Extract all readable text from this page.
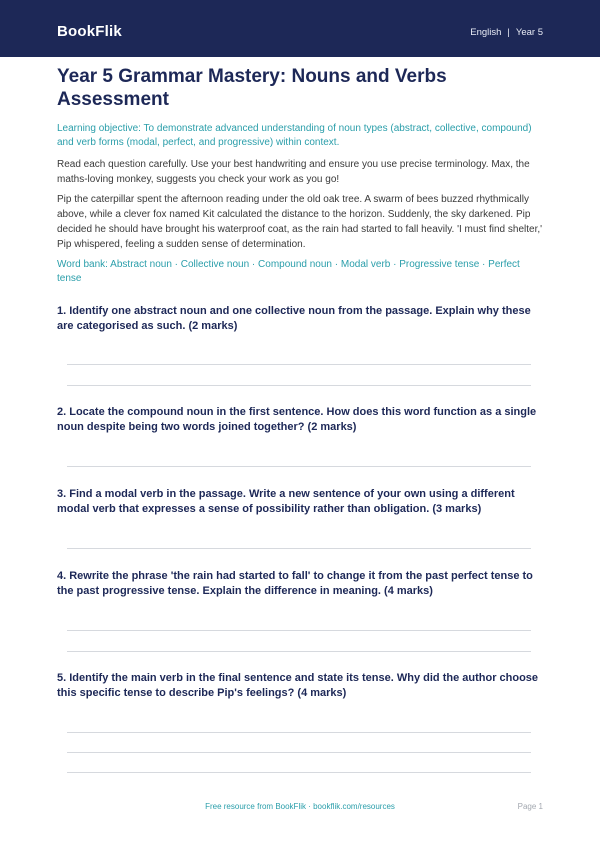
BookFlik	English | Year 5
Year 5 Grammar Mastery: Nouns and Verbs Assessment

Learning objective: To demonstrate advanced understanding of noun types (abstract, collective, compound) and verb forms (modal, perfect, and progressive) within context.

Read each question carefully. Use your best handwriting and ensure you use precise terminology. Max, the maths-loving monkey, suggests you check your work as you go!

Pip the caterpillar spent the afternoon reading under the old oak tree. A swarm of bees buzzed rhythmically above, while a clever fox named Kit calculated the distance to the horizon. Suddenly, the sky darkened. Pip decided he should have brought his waterproof coat, as the rain had started to fall heavily. 'I must find shelter,' Pip whispered, feeling a sudden sense of determination.

Word bank: Abstract noun · Collective noun · Compound noun · Modal verb · Progressive tense · Perfect tense

1. Identify one abstract noun and one collective noun from the passage. Explain why these are categorised as such. (2 marks)

2. Locate the compound noun in the first sentence. How does this word function as a single noun despite being two words joined together? (2 marks)

3. Find a modal verb in the passage. Write a new sentence of your own using a different modal verb that expresses a sense of possibility rather than obligation. (3 marks)

4. Rewrite the phrase 'the rain had started to fall' to change it from the past perfect tense to the past progressive tense. Explain the difference in meaning. (4 marks)

5. Identify the main verb in the final sentence and state its tense. Why did the author choose this specific tense to describe Pip's feelings? (4 marks)

Free resource from BookFlik · bookflik.com/resources	Page 1
